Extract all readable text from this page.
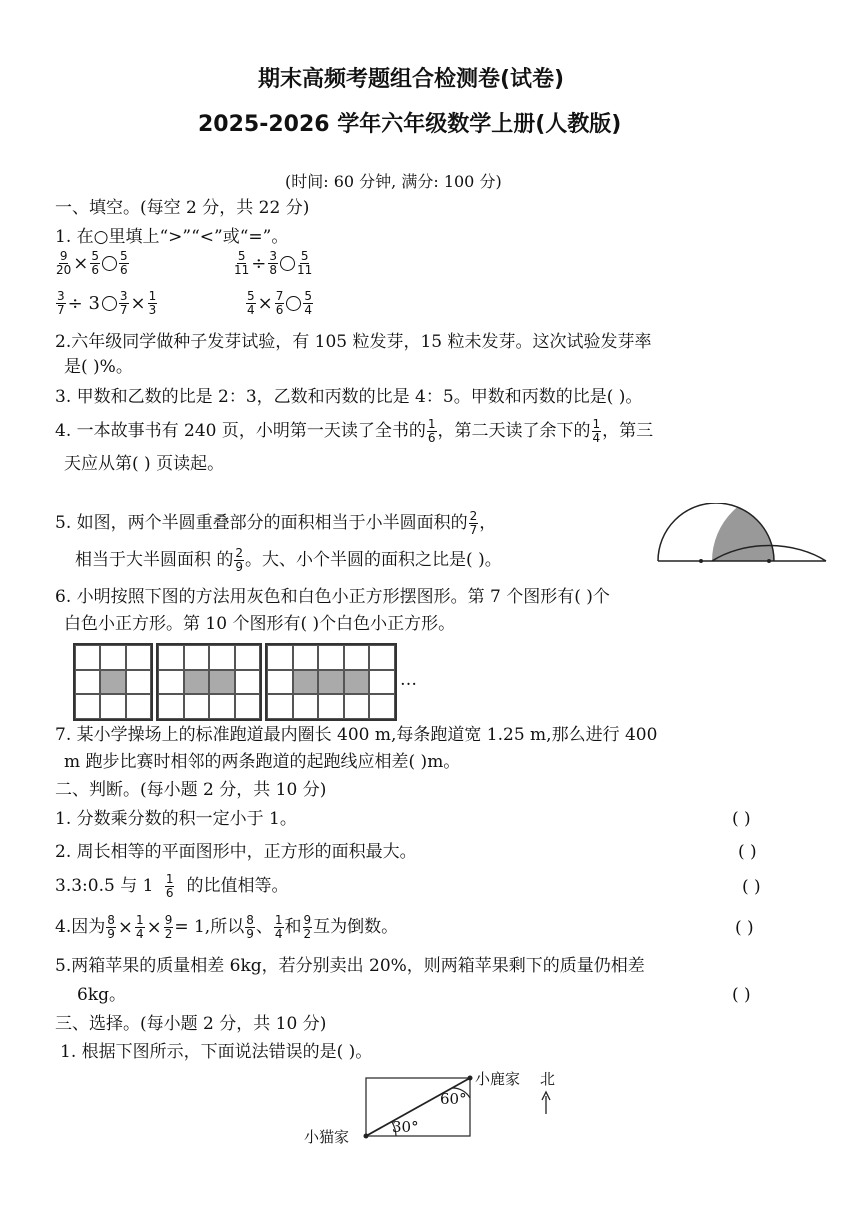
期末高频考题组合检测卷(试卷)
2025-2026 学年六年级数学上册(人教版)
(时间: 60 分钟, 满分: 100 分)
一、填空。(每空 2 分，共 22 分)
1. 在○里填上“>”“<”或“=”。
$\frac{9}{20} \times \frac{5}{6} \frac{5}{6}$	$\frac{5}{11} \div \frac{3}{8} \frac{5}{11}$
$\frac{3}{7} \div 3 \frac{3}{7} \times \frac{1}{3}$	$\frac{5}{4} \times \frac{7}{6} \frac{5}{4}$
2.六年级同学做种子发芽试验，有 105 粒发芽，15 粒未发芽。这次试验发芽率
是( )%。
3. 甲数和乙数的比是 2：3，乙数和丙数的比是 4：5。甲数和丙数的比是( )。
4. 一本故事书有 240 页，小明第一天读了全书的 $\frac{1}{6}$ ，第二天读了余下的 $\frac{1}{4}$ ，第三
天应从第( ) 页读起。
5. 如图，两个半圆重叠部分的面积相当于小半圆面积的 $\frac{2}{7}$ ，
相当于大半圆面积 的 $\frac{2}{9}$ 。大、小个半圆的面积之比是( )。
6. 小明按照下图的方法用灰色和白色小正方形摆图形。第 7 个图形有( )个
白色小正方形。第 10 个图形有( )个白色小正方形。
…
7. 某小学操场上的标准跑道最内圈长 400 m,每条跑道宽 1.25 m,那么进行 400
m 跑步比赛时相邻的两条跑道的起跑线应相差( )m。
二、判断。(每小题 2 分，共 10 分)
1. 分数乘分数的积一定小于 1。	( )
2. 周长相等的平面图形中，正方形的面积最大。	( )
3.3:0.5 与 $1 \frac{1}{6}$ 的比值相等。	( )
4.因为 $\frac{8}{9} \times \frac{1}{4} \times \frac{9}{2} = 1$,所以 $\frac{8}{9}$ 、 $\frac{1}{4}$ 和 $\frac{9}{2}$ 互为倒数。	( )
5.两箱苹果的质量相差 6kg，若分别卖出 20%，则两箱苹果剩下的质量仍相差
6kg。	( )
三、选择。(每小题 2 分，共 10 分)
1. 根据下图所示，下面说法错误的是( )。
小鹿家 北
小猫家
60°
30°
